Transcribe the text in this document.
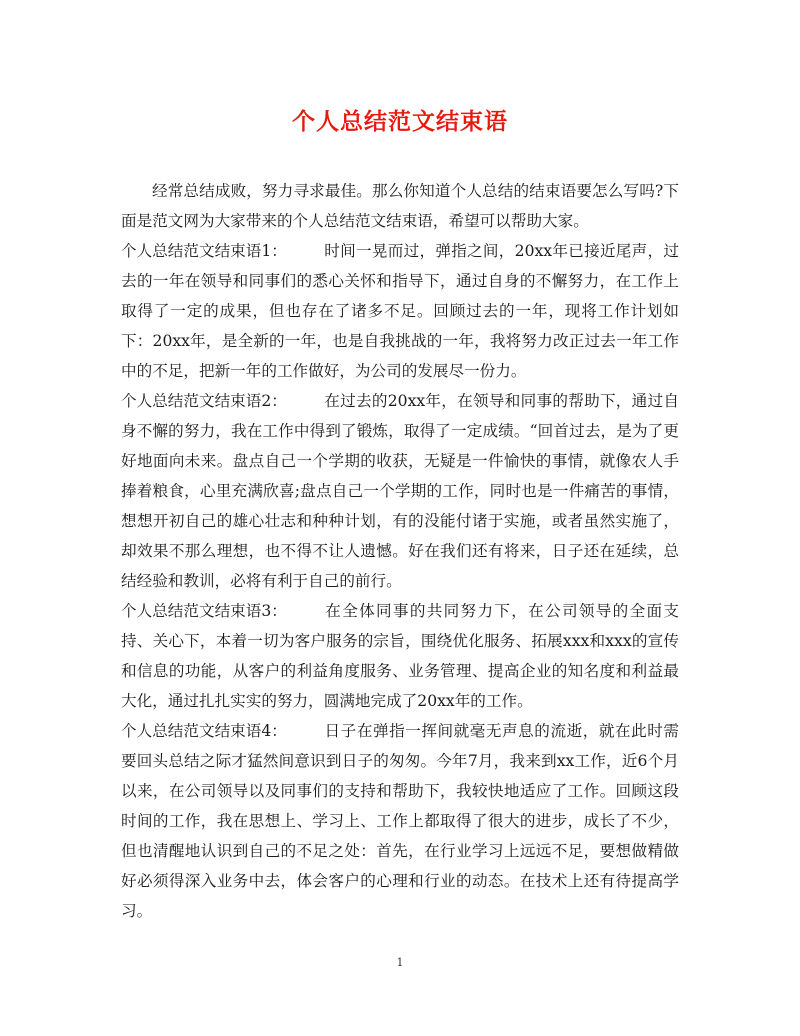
个人总结范文结束语

经常总结成败，努力寻求最佳。那么你知道个人总结的结束语要怎么写吗?下面是范文网为大家带来的个人总结范文结束语，希望可以帮助大家。

个人总结范文结束语1： 时间一晃而过，弹指之间，20xx年已接近尾声，过去的一年在领导和同事们的悉心关怀和指导下，通过自身的不懈努力，在工作上取得了一定的成果，但也存在了诸多不足。回顾过去的一年，现将工作计划如下：20xx年，是全新的一年，也是自我挑战的一年，我将努力改正过去一年工作中的不足，把新一年的工作做好，为公司的发展尽一份力。

个人总结范文结束语2： 在过去的20xx年，在领导和同事的帮助下，通过自身不懈的努力，我在工作中得到了锻炼，取得了一定成绩。“回首过去，是为了更好地面向未来。盘点自己一个学期的收获，无疑是一件愉快的事情，就像农人手捧着粮食，心里充满欣喜;盘点自己一个学期的工作，同时也是一件痛苦的事情，想想开初自己的雄心壮志和种种计划，有的没能付诸于实施，或者虽然实施了，却效果不那么理想，也不得不让人遗憾。好在我们还有将来，日子还在延续，总结经验和教训，必将有利于自己的前行。

个人总结范文结束语3： 在全体同事的共同努力下，在公司领导的全面支持、关心下，本着一切为客户服务的宗旨，围绕优化服务、拓展xxx和xxx的宣传和信息的功能，从客户的利益角度服务、业务管理、提高企业的知名度和利益最大化，通过扎扎实实的努力，圆满地完成了20xx年的工作。

个人总结范文结束语4： 日子在弹指一挥间就毫无声息的流逝，就在此时需要回头总结之际才猛然间意识到日子的匆匆。今年7月，我来到xx工作，近6个月以来，在公司领导以及同事们的支持和帮助下，我较快地适应了工作。回顾这段时间的工作，我在思想上、学习上、工作上都取得了很大的进步，成长了不少，但也清醒地认识到自己的不足之处：首先，在行业学习上远远不足，要想做精做好必须得深入业务中去，体会客户的心理和行业的动态。在技术上还有待提高学习。

1
